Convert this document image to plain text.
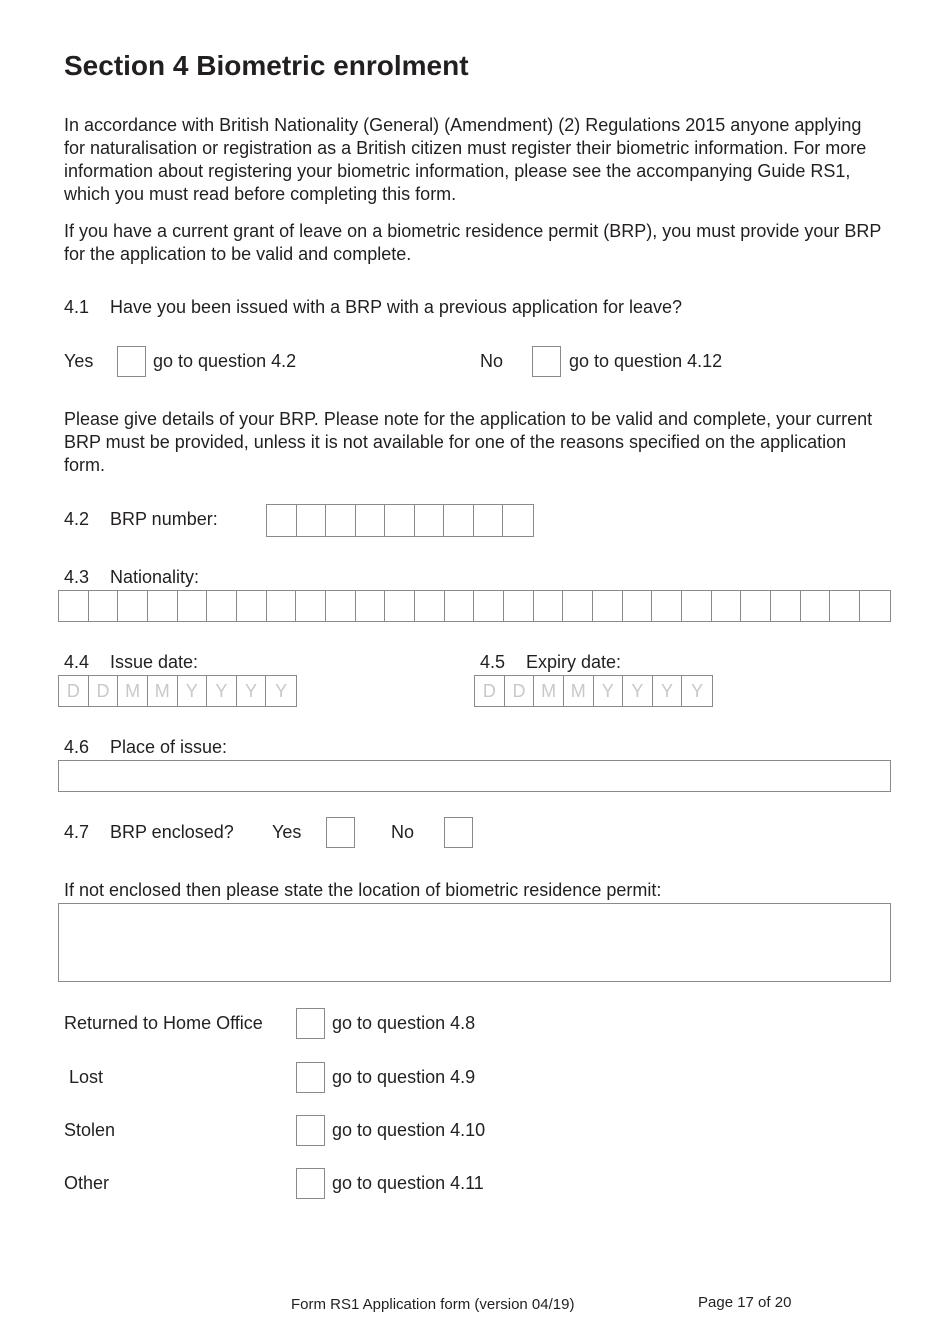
Section 4 Biometric enrolment
In accordance with British Nationality (General) (Amendment) (2) Regulations 2015 anyone applying for naturalisation or registration as a British citizen must register their biometric information. For more information about registering your biometric information, please see the accompanying Guide RS1, which you must read before completing this form.
If you have a current grant of leave on a biometric residence permit (BRP), you must provide your BRP for the application to be valid and complete.
4.1 Have you been issued with a BRP with a previous application for leave?
Yes	go to question 4.2	No	go to question 4.12
Please give details of your BRP. Please note for the application to be valid and complete, your current BRP must be provided, unless it is not available for one of the reasons specified on the application form.
4.2 BRP number:
4.3 Nationality:
4.4 Issue date:
D D M M Y Y Y	Y
4.5 Expiry date:
D D M M Y Y Y	Y
4.6 Place of issue:
4.7 BRP enclosed? Yes	No
If not enclosed then please state the location of biometric residence permit:
Returned to Home Office	go to question 4.8
Lost	go to question 4.9
Stolen	go to question 4.10
Other	go to question 4.11
Form RS1 Application form (version 04/19)	Page 17 of 20
